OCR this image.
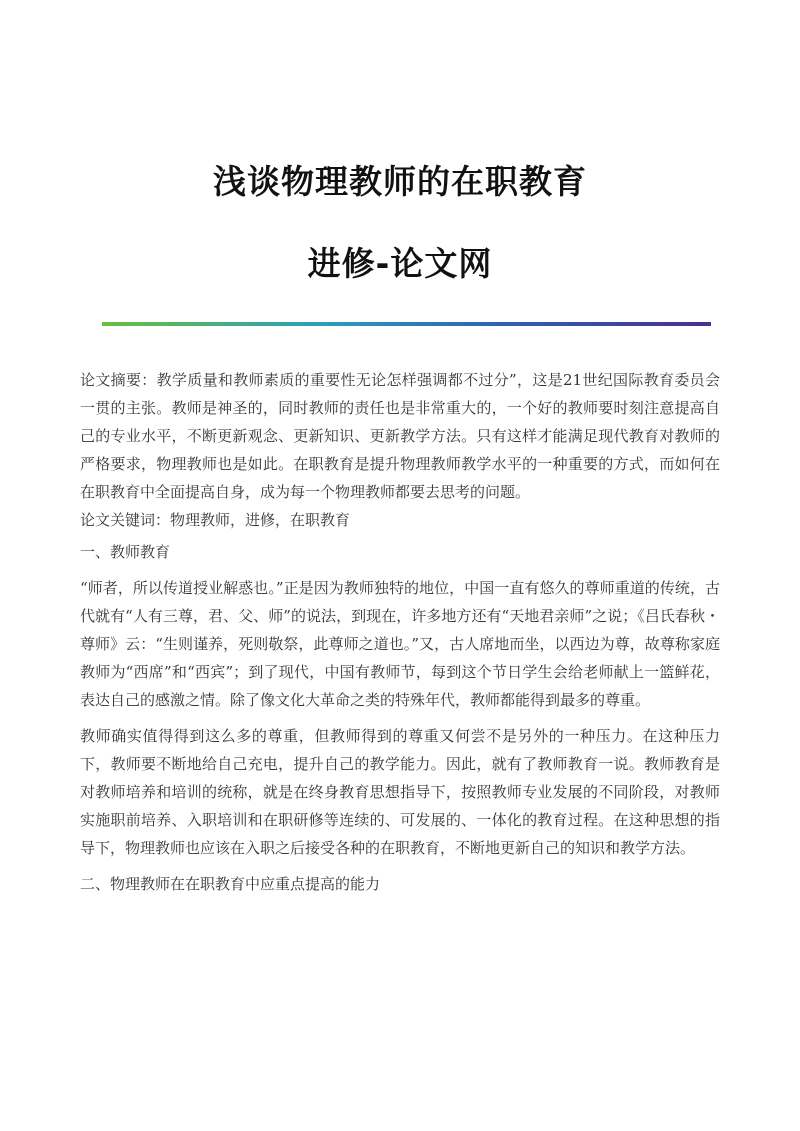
浅谈物理教师的在职教育
进修-论文网

论文摘要：教学质量和教师素质的重要性无论怎样强调都不过分”，这是21世纪国际教育委员会一贯的主张。教师是神圣的，同时教师的责任也是非常重大的，一个好的教师要时刻注意提高自己的专业水平，不断更新观念、更新知识、更新教学方法。只有这样才能满足现代教育对教师的严格要求，物理教师也是如此。在职教育是提升物理教师教学水平的一种重要的方式，而如何在在职教育中全面提高自身，成为每一个物理教师都要去思考的问题。

论文关键词：物理教师，进修，在职教育

一、教师教育

“师者，所以传道授业解惑也。”正是因为教师独特的地位，中国一直有悠久的尊师重道的传统，古代就有“人有三尊，君、父、师”的说法，到现在，许多地方还有“天地君亲师”之说；《吕氏春秋・尊师》云：“生则谨养，死则敬祭，此尊师之道也。”又，古人席地而坐，以西边为尊，故尊称家庭教师为“西席”和“西宾”；到了现代，中国有教师节，每到这个节日学生会给老师献上一篮鲜花，表达自己的感激之情。除了像文化大革命之类的特殊年代，教师都能得到最多的尊重。

教师确实值得得到这么多的尊重，但教师得到的尊重又何尝不是另外的一种压力。在这种压力下，教师要不断地给自己充电，提升自己的教学能力。因此，就有了教师教育一说。教师教育是对教师培养和培训的统称，就是在终身教育思想指导下，按照教师专业发展的不同阶段，对教师实施职前培养、入职培训和在职研修等连续的、可发展的、一体化的教育过程。在这种思想的指导下，物理教师也应该在入职之后接受各种的在职教育，不断地更新自己的知识和教学方法。

二、物理教师在在职教育中应重点提高的能力
